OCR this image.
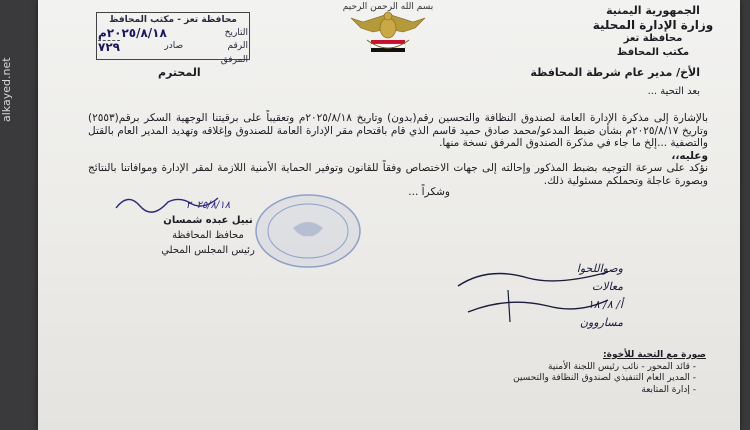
alkayed.net
الجمهورية اليمنية
وزارة الإدارة المحلية
محافظة تعز
مكتب المحافظ
بسم الله الرحمن الرحيم
محافظة تعز - مكتب المحافظ
التاريخ
٢٠٢٥/٨/١٨م
الرقم
صادر
٧٢٩
المرفق
الأخ/ مدير عام شرطة المحافظة
المحترم
بعد التحية ...

بالإشارة إلى مذكرة الإدارة العامة لصندوق النظافة والتحسين رقم(بدون) وتاريخ ٢٠٢٥/٨/١٨م وتعقيباً على برقيتنا الوجهية السكر برقم(٢٥٥٣) وتاريخ ٢٠٢٥/٨/١٧م بشأن ضبط المدعو/محمد صادق حميد قاسم الذي قام باقتحام مقر الإدارة العامة للصندوق وإغلاقه وتهديد المدير العام بالقتل والتصفية ...إلخ ما جاء في مذكرة الصندوق المرفق نسخة منها.

وعليه،،

نؤكد على سرعة التوجيه بضبط المذكور وإحالته إلى جهات الاختصاص وفقاً للقانون وتوفير الحماية الأمنية اللازمة لمقر الإدارة وموافاتنا بالنتائج وبصورة عاجلة وتحملكم مسئولية ذلك.

وشكراً ...
٢٠٢٥/٨/١٨
نبيل عبده شمسان
محافظ المحافظة
رئيس المجلس المحلي
وصواللحوا
معالات
أ/ ٨/ ١٨
مساروون
صورة مع التحية للأخوة:
- قائد المحور - نائب رئيس اللجنة الأمنية
- المدير العام التنفيذي لصندوق النظافة والتحسين
- إدارة المتابعة
